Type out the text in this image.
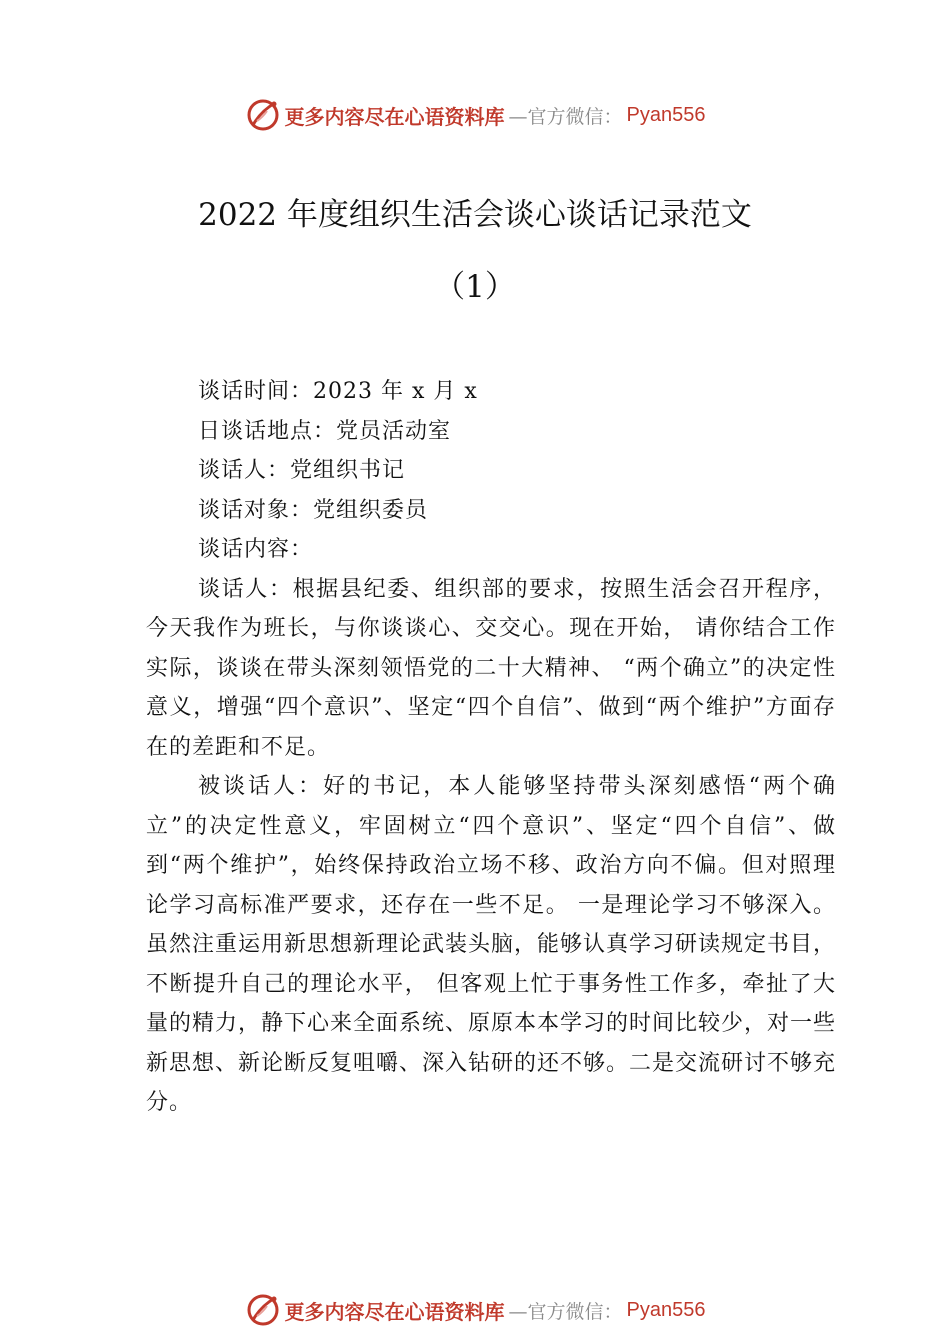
更多内容尽在心语资料库 —官方微信： Pyan556
2022 年度组织生活会谈心谈话记录范文
（1）

谈话时间：2023 年 x 月 x

日谈话地点：党员活动室

谈话人：党组织书记

谈话对象：党组织委员

谈话内容：

谈话人：根据县纪委、组织部的要求，按照生活会召开程序，今天我作为班长，与你谈谈心、交交心。现在开始， 请你结合工作实际，谈谈在带头深刻领悟党的二十大精神、 “两个确立”的决定性意义，增强“四个意识”、坚定“四个自信”、做到“两个维护”方面存在的差距和不足。

被谈话人：好的书记，本人能够坚持带头深刻感悟“两个确立”的决定性意义，牢固树立“四个意识”、坚定“四个自信”、做到“两个维护”，始终保持政治立场不移、政治方向不偏。但对照理论学习高标准严要求，还存在一些不足。 一是理论学习不够深入。虽然注重运用新思想新理论武装头脑，能够认真学习研读规定书目，不断提升自己的理论水平， 但客观上忙于事务性工作多，牵扯了大量的精力，静下心来全面系统、原原本本学习的时间比较少，对一些新思想、新论断反复咀嚼、深入钻研的还不够。二是交流研讨不够充分。

更多内容尽在心语资料库 —官方微信： Pyan556
